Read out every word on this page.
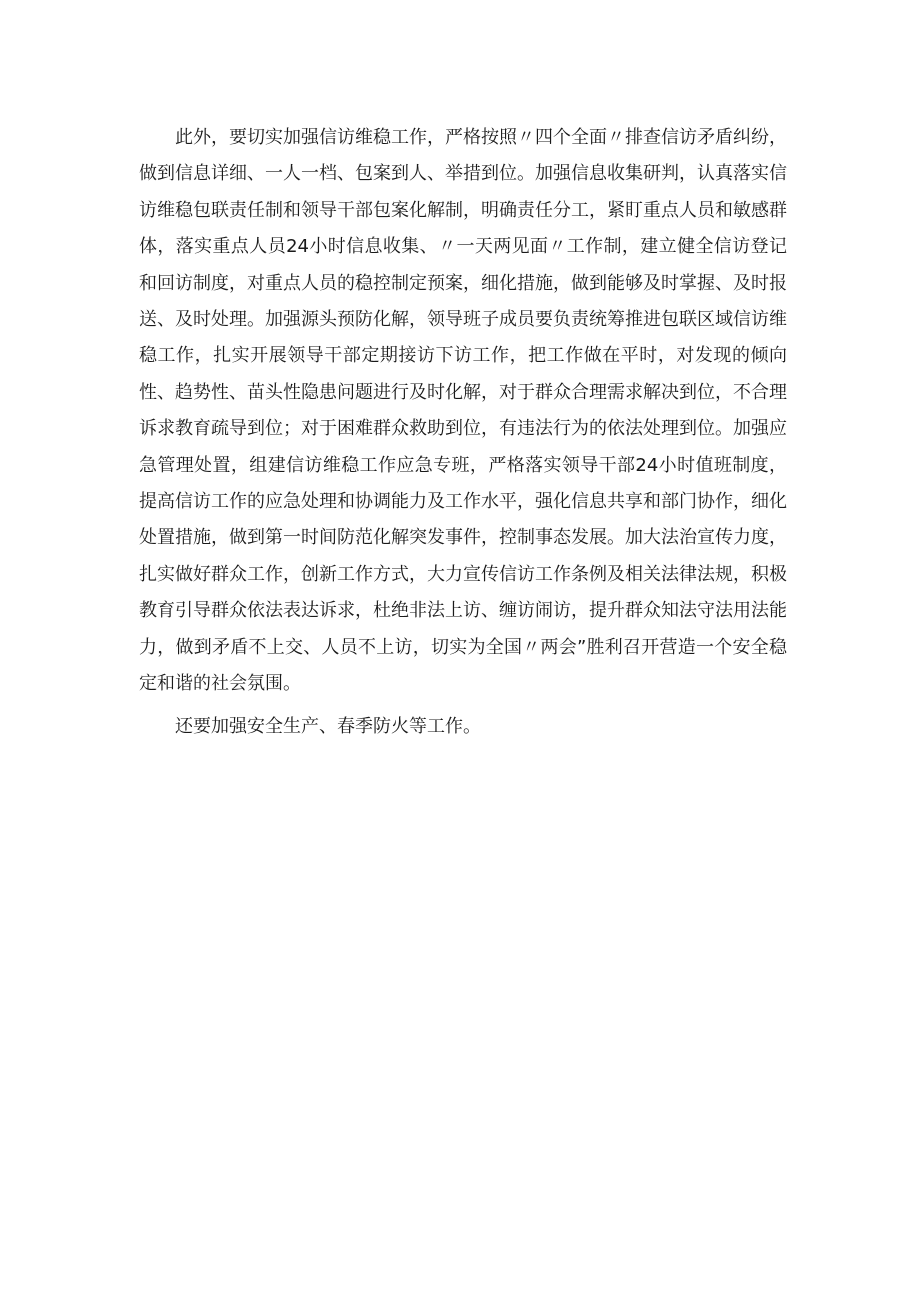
此外，要切实加强信访维稳工作，严格按照〃四个全面〃排查信访矛盾纠纷，做到信息详细、一人一档、包案到人、举措到位。加强信息收集研判，认真落实信访维稳包联责任制和领导干部包案化解制，明确责任分工，紧盯重点人员和敏感群体，落实重点人员24小时信息收集、〃一天两见面〃工作制，建立健全信访登记和回访制度，对重点人员的稳控制定预案，细化措施，做到能够及时掌握、及时报送、及时处理。加强源头预防化解，领导班子成员要负责统筹推进包联区域信访维稳工作，扎实开展领导干部定期接访下访工作，把工作做在平时，对发现的倾向性、趋势性、苗头性隐患问题进行及时化解，对于群众合理需求解决到位，不合理诉求教育疏导到位；对于困难群众救助到位，有违法行为的依法处理到位。加强应急管理处置，组建信访维稳工作应急专班，严格落实领导干部24小时值班制度，提高信访工作的应急处理和协调能力及工作水平，强化信息共享和部门协作，细化处置措施，做到第一时间防范化解突发事件，控制事态发展。加大法治宣传力度，扎实做好群众工作，创新工作方式，大力宣传信访工作条例及相关法律法规，积极教育引导群众依法表达诉求，杜绝非法上访、缠访闹访，提升群众知法守法用法能力，做到矛盾不上交、人员不上访，切实为全国〃两会”胜利召开营造一个安全稳定和谐的社会氛围。

还要加强安全生产、春季防火等工作。
